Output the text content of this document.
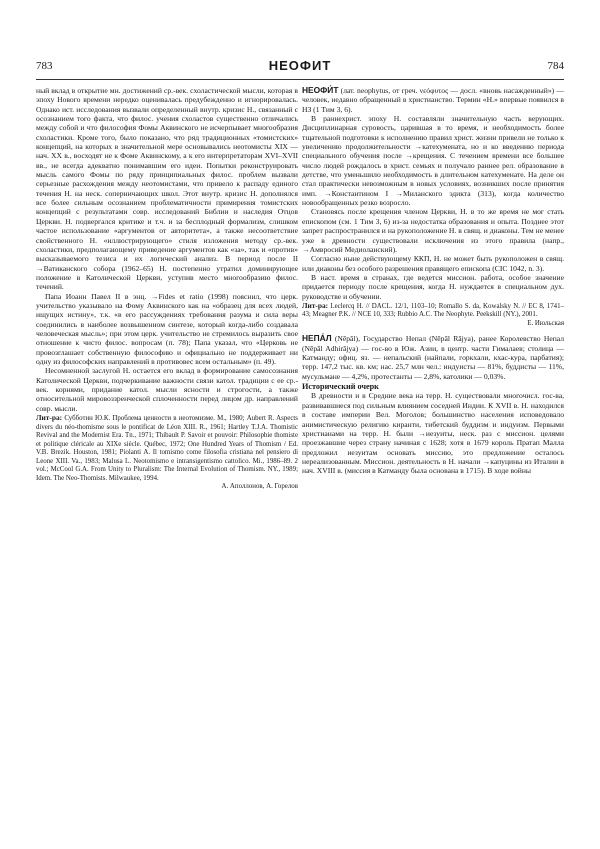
783	НЕОФИТ	784

ный вклад в открытие мн. достижений ср.-век. схоластической мысли, которая в эпоху Нового времени нередко оценивалась предубежденно и игнорировалась. Однако ист. исследования вызвали определенный внутр. кризис Н., связанный с осознанием того факта, что филос. учения схоластов существенно отличались между собой и что философия Фомы Аквинского не исчерпывает многообразия схоластики. Кроме того, было показано, что ряд традиционных «томистских» концепций, на которых в значительной мере основывались неотомисты XIX — нач. XX в., восходят не к Фоме Аквинскому, а к его интерпретаторам XVI–XVII вв., не всегда адекватно понимавшим его идеи. Попытки реконструировать мысль самого Фомы по ряду принципиальных филос. проблем вызвали серьезные расхождения между неотомистами, что привело к распаду единого течения Н. на неск. соперничающих школ. Этот внутр. кризис Н. дополнялся все более сильным осознанием проблематичности примирения томистских концепций с результатами совр. исследований Библии и наследия Отцов Церкви. Н. подвергался критике и т.ч. и за бесплодный формализм, слишком частое использование «аргументов от авторитета», а также несоответствие свойственного Н. «иллюстрирующего» стиля изложения методу ср.-век. схоластики, предполагающему приведение аргументов как «за», так и «против» высказываемого тезиса и их логический анализ. В период после II →Ватиканского собора (1962–65) Н. постепенно утратил доминирующее положение в Католической Церкви, уступив место многообразию филос. течений.

Папа Иоанн Павел II в энц. →Fides et ratio (1998) пояснил, что церк. учительство указывало на Фому Аквинского как на «образец для всех людей, ищущих истину», т.к. «в его рассуждениях требования разума и сила веры соединились в наиболее возвышенном синтезе, который когда-либо создавала человеческая мысль»; при этом церк. учительство не стремилось выразить свое отношение к чисто филос. вопросам (п. 78); Папа указал, что «Церковь не провозглашает собственную философию и официально не поддерживает ни одну из философских направлений в противовес всем остальным» (п. 49).

Несомненной заслугой Н. остается его вклад в формирование самосознания Католической Церкви, подчеркивание важности связи катол. традиции с ее ср.-век. корнями, придание катол. мысли ясности и строгости, а также относительной мировоззренческой сплоченности перед лицом др. направлений совр. мысли.

Лит-ра: Субботин Ю.К. Проблема ценности в неотомизме. М., 1980; Aubert R. Aspects divers du néo-thomisme sous le pontificat de Léon XIII. R., 1961; Hartley T.J.A. Thomistic Revival and the Modernist Era. Tn., 1971; Thibault P. Savoir et pouvoir: Philosophie thomiste et politique cléricale au XIXe siècle. Québec, 1972; One Hundred Years of Thomism / Ed. V.B. Brezik. Houston, 1981; Piolanti A. Il tomismo come filosofia cristiana nel pensiero di Leone XIII. Va., 1983; Malusa L. Neotomismo e intransigentismo cattolico. Mi., 1986–89. 2 vol.; McCool G.A. From Unity to Pluralism: The Internal Evolution of Thomism. NY., 1989; Idem. The Neo-Thomists. Milwaukee, 1994.

А. Аполлонов, А. Горелов

НЕОФИ́Т (лат. neophytus, от греч. νεόφυτος — досл. «вновь насажденный») — человек, недавно обращенный в христианство. Термин «Н.» впервые появился в НЗ (1 Тим 3, 6).

В раннехрист. эпоху Н. составляли значительную часть верующих. Дисциплинарная суровость, царившая в то время, и необходимость более тщательной подготовки к исполнению правил христ. жизни привели не только к увеличению продолжительности →катехумената, но и ко введению периода специального обучения после →крещения. С течением времени все большее число людей рождалось в христ. семьях и получало раннее рел. образование в детстве, что уменьшило необходимость в длительном катехуменате. На деле он стал практически невозможным в новых условиях, возникших после принятия имп. →Константином I →Миланского эдикта (313), когда количество новообращенных резко возросло.

Становясь после крещения членом Церкви, Н. в то же время не мог стать епископом (см. 1 Тим 3, 6) из-за недостатка образования и опыта. Позднее этот запрет распространился и на рукоположение Н. в свящ. и диаконы. Тем не менее уже в древности существовали исключения из этого правила (напр., →Амвросий Медиоланский).

Согласно ныне действующему ККП, Н. не может быть рукоположен в свящ. или диаконы без особого разрешения правящего епископа (CIC 1042, n. 3).

В наст. время в странах, где ведется миссион. работа, особое значение придается периоду после крещения, когда Н. нуждается в специальном дух. руководстве и обучении.

Лит-ра: Leclercq H. // DACL. 12/1, 1103–10; Romallo S. da, Kowalsky N. // EC 8, 1741–43; Meagner P.K. // NCE 10, 333; Rubbio A.C. The Neophyte. Peekskill (NY.), 2001.

Е. Июльская

НЕПА́Л (Nēpāl), Государство Непал (Nēpāl Rājya), ранее Королевство Непал (Nēpāl Adhirājya) — гос-во в Юж. Азии, в центр. части Гималаев; столица — Катманду; офиц. яз. — непальский (найпали, горкхали, кхас-кура, парбатия); терр. 147,2 тыс. кв. км; нас. 25,7 млн чел.: индуисты — 81%, буддисты — 11%, мусульмане — 4,2%, протестанты — 2,8%, католики — 0,03%.

Исторический очерк

В древности и в Средние века на терр. Н. существовали многочисл. гос-ва, развивавшиеся под сильным влиянием соседней Индии. К XVII в. Н. находился в составе империи Вел. Моголов; большинство населения исповедовало анимистическую религию киранти, тибетский буддизм и индуизм. Первыми христианами на терр. Н. были →иезуиты, неск. раз с миссион. целями проезжавшие через страну начиная с 1628; хотя в 1679 король Пратап Малла предложил иезуитам основать миссию, это предложение осталось нереализованным. Миссион. деятельность в Н. начали →капуцины из Италии в нач. XVIII в. (миссия в Катманду была основана в 1715). В ходе войны
